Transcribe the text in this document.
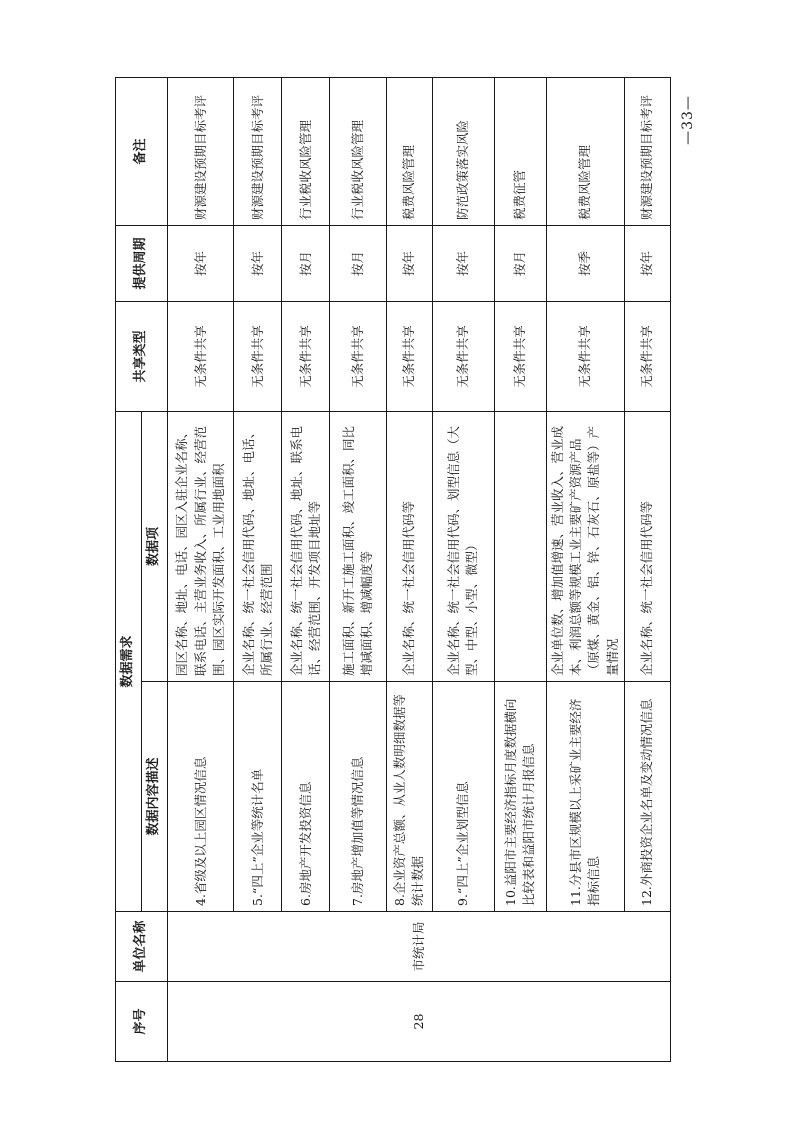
—33—
序号	单位名称	数据需求		共享类型	提供周期	备注
		数据内容描述	数据项			
28	市统计局	4.省级及以上园区情况信息	园区名称、地址、电话、园区入驻企业名称、联系电话、主营业务收入、所属行业、经营范围、园区实际开发面积、工业用地面积	无条件共享	按年	财源建设预期目标考评
		5.“四上”企业等统计名单	企业名称、统一社会信用代码、地址、电话、所属行业、经营范围	无条件共享	按年	财源建设预期目标考评
		6.房地产开发投资信息	企业名称、统一社会信用代码、地址、联系电话、经营范围、开发项目地址等	无条件共享	按月	行业税收风险管理
		7.房地产增加值等情况信息	施工面积、新开工施工面积、竣工面积、同比增减面积、增减幅度等	无条件共享	按月	行业税收风险管理
		8.企业资产总额、从业人数明细数据等统计数据	企业名称、统一社会信用代码等	无条件共享	按年	税费风险管理
		9.“四上”企业划型信息	企业名称、统一社会信用代码、划型信息（大型、中型、小型、微型）	无条件共享	按年	防范政策落实风险
		10.益阳市主要经济指标月度数据横向比较表和益阳市统计月报信息		无条件共享	按月	税费征管
		11.分县市区规模以上采矿业主要经济指标信息	企业单位数、增加值增速、营业收入、营业成本、利润总额等规模工业主要矿产资源产品（原煤、黄金、铝、锌、石灰石、原盐等）产量情况	无条件共享	按季	税费风险管理
		12.外商投资企业名单及变动情况信息	企业名称、统一社会信用代码等	无条件共享	按年	财源建设预期目标考评
